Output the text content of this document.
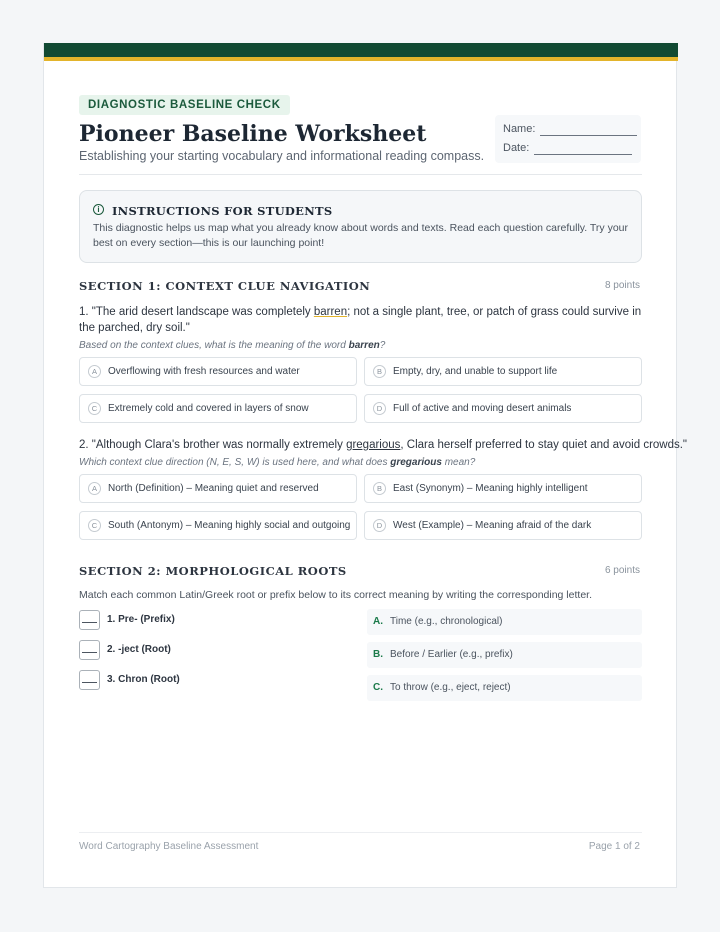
DIAGNOSTIC BASELINE CHECK
Pioneer Baseline Worksheet
Establishing your starting vocabulary and informational reading compass.
Name:
Date:
i	INSTRUCTIONS FOR STUDENTS
This diagnostic helps us map what you already know about words and texts. Read each question carefully. Try your best on every section—this is our launching point!
SECTION 1: CONTEXT CLUE NAVIGATION	8 points
1. "The arid desert landscape was completely barren; not a single plant, tree, or patch of grass could survive in the parched, dry soil."
Based on the context clues, what is the meaning of the word barren?
A	Overflowing with fresh resources and water	B	Empty, dry, and unable to support life
C	Extremely cold and covered in layers of snow	D	Full of active and moving desert animals
2. "Although Clara's brother was normally extremely gregarious, Clara herself preferred to stay quiet and avoid crowds."
Which context clue direction (N, E, S, W) is used here, and what does gregarious mean?
A	North (Definition) – Meaning quiet and reserved	B	East (Synonym) – Meaning highly intelligent
C	South (Antonym) – Meaning highly social and outgoing	D	West (Example) – Meaning afraid of the dark
SECTION 2: MORPHOLOGICAL ROOTS	6 points
Match each common Latin/Greek root or prefix below to its correct meaning by writing the corresponding letter.
1. Pre- (Prefix)
2. -ject (Root)
3. Chron (Root)
A. Time (e.g., chronological)
B. Before / Earlier (e.g., prefix)
C. To throw (e.g., eject, reject)
Word Cartography Baseline Assessment	Page 1 of 2
